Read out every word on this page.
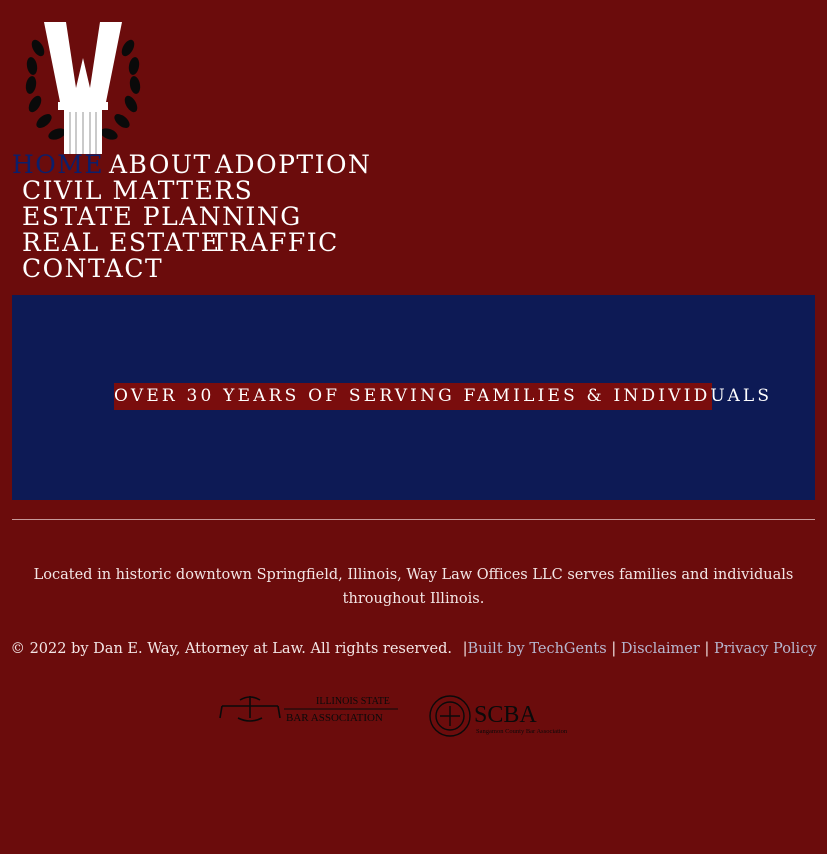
HOME ABOUT ADOPTION
CIVIL MATTERS
ESTATE PLANNING
REAL ESTATE
TRAFFIC
CONTACT
OVER 30 YEARS OF SERVING FAMILIES & INDIVIDUALS

Located in historic downtown Springfield, Illinois, Way Law Offices LLC serves families and individuals throughout Illinois.

© 2022 by Dan E. Way, Attorney at Law. All rights reserved. |Built by TechGents | Disclaimer | Privacy Policy
ILLINOIS STATE
BAR ASSOCIATION	SCBA
Sangamon County Bar Association
